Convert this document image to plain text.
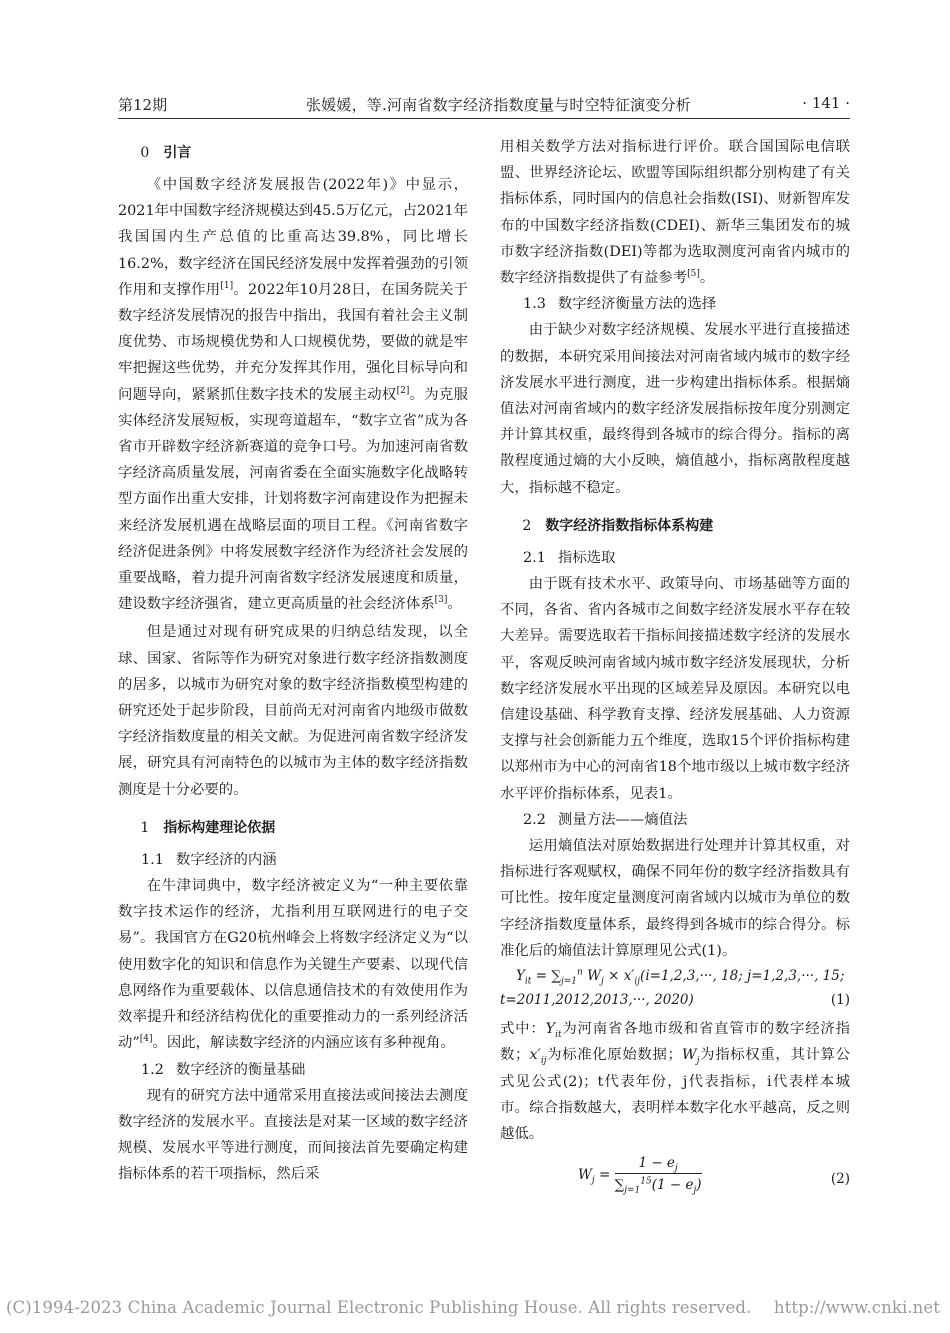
第12期	张媛媛，等.河南省数字经济指数度量与时空特征演变分析	· 141 ·
0 引言

《中国数字经济发展报告(2022年)》中显示，2021年中国数字经济规模达到45.5万亿元，占2021年我国国内生产总值的比重高达39.8%，同比增长16.2%，数字经济在国民经济发展中发挥着强劲的引领作用和支撑作用[1]。2022年10月28日，在国务院关于数字经济发展情况的报告中指出，我国有着社会主义制度优势、市场规模优势和人口规模优势，要做的就是牢牢把握这些优势，并充分发挥其作用，强化目标导向和问题导向，紧紧抓住数字技术的发展主动权[2]。为克服实体经济发展短板，实现弯道超车，“数字立省”成为各省市开辟数字经济新赛道的竞争口号。为加速河南省数字经济高质量发展，河南省委在全面实施数字化战略转型方面作出重大安排，计划将数字河南建设作为把握未来经济发展机遇在战略层面的项目工程。《河南省数字经济促进条例》中将发展数字经济作为经济社会发展的重要战略，着力提升河南省数字经济发展速度和质量，建设数字经济强省，建立更高质量的社会经济体系[3]。

但是通过对现有研究成果的归纳总结发现，以全球、国家、省际等作为研究对象进行数字经济指数测度的居多，以城市为研究对象的数字经济指数模型构建的研究还处于起步阶段，目前尚无对河南省内地级市做数字经济指数度量的相关文献。为促进河南省数字经济发展，研究具有河南特色的以城市为主体的数字经济指数测度是十分必要的。

1 指标构建理论依据
1.1 数字经济的内涵

在牛津词典中，数字经济被定义为“一种主要依靠数字技术运作的经济，尤指利用互联网进行的电子交易”。我国官方在G20杭州峰会上将数字经济定义为“以使用数字化的知识和信息作为关键生产要素、以现代信息网络作为重要载体、以信息通信技术的有效使用作为效率提升和经济结构优化的重要推动力的一系列经济活动”[4]。因此，解读数字经济的内涵应该有多种视角。

1.2 数字经济的衡量基础

现有的研究方法中通常采用直接法或间接法去测度数字经济的发展水平。直接法是对某一区域的数字经济规模、发展水平等进行测度，而间接法首先要确定构建指标体系的若干项指标，然后采

用相关数学方法对指标进行评价。联合国国际电信联盟、世界经济论坛、欧盟等国际组织都分别构建了有关指标体系，同时国内的信息社会指数(ISI)、财新智库发布的中国数字经济指数(CDEI)、新华三集团发布的城市数字经济指数(DEI)等都为选取测度河南省内城市的数字经济指数提供了有益参考[5]。

1.3 数字经济衡量方法的选择

由于缺少对数字经济规模、发展水平进行直接描述的数据，本研究采用间接法对河南省域内城市的数字经济发展水平进行测度，进一步构建出指标体系。根据熵值法对河南省域内的数字经济发展指标按年度分别测定并计算其权重，最终得到各城市的综合得分。指标的离散程度通过熵的大小反映，熵值越小，指标离散程度越大，指标越不稳定。

2 数字经济指数指标体系构建
2.1 指标选取

由于既有技术水平、政策导向、市场基础等方面的不同，各省、省内各城市之间数字经济发展水平存在较大差异。需要选取若干指标间接描述数字经济的发展水平，客观反映河南省域内城市数字经济发展现状，分析数字经济发展水平出现的区域差异及原因。本研究以电信建设基础、科学教育支撑、经济发展基础、人力资源支撑与社会创新能力五个维度，选取15个评价指标构建以郑州市为中心的河南省18个地市级以上城市数字经济水平评价指标体系，见表1。

2.2 测量方法——熵值法

运用熵值法对原始数据进行处理并计算其权重，对指标进行客观赋权，确保不同年份的数字经济指数具有可比性。按年度定量测度河南省域内以城市为单位的数字经济指数度量体系，最终得到各城市的综合得分。标准化后的熵值法计算原理见公式(1)。

$Y_{it} = \sum_{j=1}^n$ $W_j \times x'_{ij}(i=1,2,3,\cdot\cdot\cdot$, 18; j=1,2,3,···, 15;
t=2011,2012,2013,···, 2020)	(1)

式中：$Y_{it}$为河南省各地市级和省直管市的数字经济指数；$x'_{ij}$为标准化原始数据；$W_j$为指标权重，其计算公式见公式(2)；t代表年份，j代表指标，i代表样本城市。综合指数越大，表明样本数字化水平越高，反之则越低。

$W_j = \frac{1 - e_j}{\sum_{j=1}^{15}(1 - e_j)}$	(2)
(C)1994-2023 China Academic Journal Electronic Publishing House. All rights reserved. http://www.cnki.net
